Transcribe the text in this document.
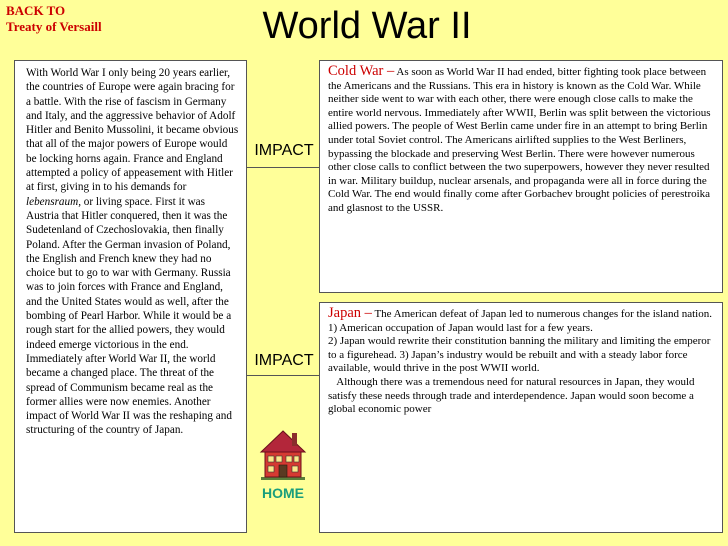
BACK TO
Treaty of Versaill	World War II

With World War I only being 20 years earlier, the countries of Europe were again bracing for a battle. With the rise of fascism in Germany and Italy, and the aggressive behavior of Adolf Hitler and Benito Mussolini, it became obvious that all of the major powers of Europe would be locking horns again. France and England attempted a policy of appeasement with Hitler at first, giving in to his demands for lebensraum, or living space. First it was Austria that Hitler conquered, then it was the Sudetenland of Czechoslovakia, then finally Poland. After the German invasion of Poland, the English and French knew they had no choice but to go to war with Germany. Russia was to join forces with France and England, and the United States would as well, after the bombing of Pearl Harbor. While it would be a rough start for the allied powers, they would indeed emerge victorious in the end. Immediately after World War II, the world became a changed place. The threat of the spread of Communism became real as the former allies were now enemies. Another impact of World War II was the reshaping and structuring of the country of Japan.

IMPACT
IMPACT

Cold War – As soon as World War II had ended, bitter fighting took place between the Americans and the Russians. This era in history is known as the Cold War. While neither side went to war with each other, there were enough close calls to make the entire world nervous. Immediately after WWII, Berlin was split between the victorious allied powers. The people of West Berlin came under fire in an attempt to bring Berlin under total Soviet control. The Americans airlifted supplies to the West Berliners, bypassing the blockade and preserving West Berlin. There were however numerous other close calls to conflict between the two superpowers, however they never resulted in war. Military buildup, nuclear arsenals, and propaganda were all in force during the Cold War. The end would finally come after Gorbachev brought policies of perestroika and glasnost to the USSR.

Japan – The American defeat of Japan led to numerous changes for the island nation. 1) American occupation of Japan would last for a few years.
2) Japan would rewrite their constitution banning the military and limiting the emperor to a figurehead. 3) Japan’s industry would be rebuilt and with a steady labor force available, would thrive in the post WWII world.
Although there was a tremendous need for natural resources in Japan, they would satisfy these needs through trade and interdependence. Japan would soon become a global economic power

HOME
